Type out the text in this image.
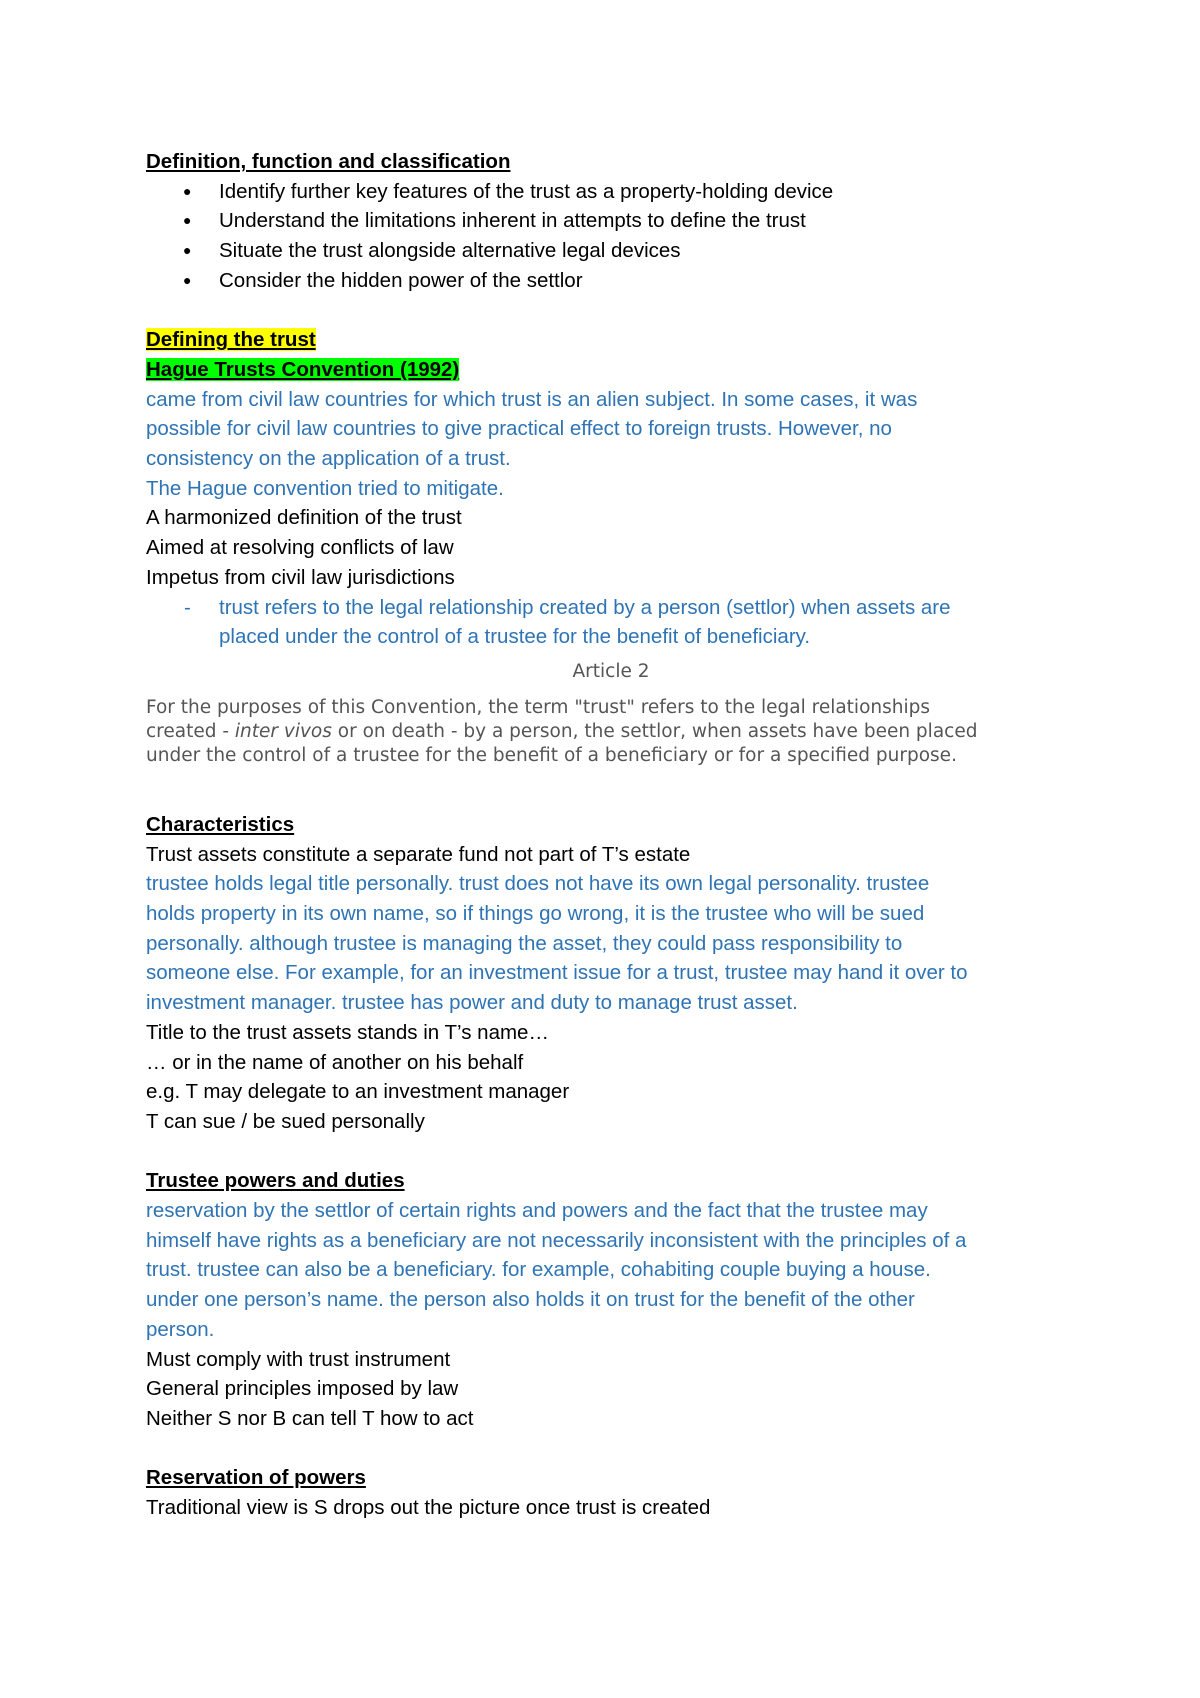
Definition, function and classification
● Identify further key features of the trust as a property-holding device
● Understand the limitations inherent in attempts to define the trust
● Situate the trust alongside alternative legal devices
● Consider the hidden power of the settlor
Defining the trust
Hague Trusts Convention (1992)
came from civil law countries for which trust is an alien subject. In some cases, it was
possible for civil law countries to give practical effect to foreign trusts. However, no
consistency on the application of a trust.
The Hague convention tried to mitigate.
A harmonized definition of the trust
Aimed at resolving conflicts of law
Impetus from civil law jurisdictions
- trust refers to the legal relationship created by a person (settlor) when assets are
placed under the control of a trustee for the benefit of beneficiary.
Article 2
For the purposes of this Convention, the term "trust" refers to the legal relationships
created - inter vivos or on death - by a person, the settlor, when assets have been placed
under the control of a trustee for the benefit of a beneficiary or for a specified purpose.
Characteristics
Trust assets constitute a separate fund not part of T’s estate
trustee holds legal title personally. trust does not have its own legal personality. trustee
holds property in its own name, so if things go wrong, it is the trustee who will be sued
personally. although trustee is managing the asset, they could pass responsibility to
someone else. For example, for an investment issue for a trust, trustee may hand it over to
investment manager. trustee has power and duty to manage trust asset.
Title to the trust assets stands in T’s name…
… or in the name of another on his behalf
e.g. T may delegate to an investment manager
T can sue / be sued personally
Trustee powers and duties
reservation by the settlor of certain rights and powers and the fact that the trustee may
himself have rights as a beneficiary are not necessarily inconsistent with the principles of a
trust. trustee can also be a beneficiary. for example, cohabiting couple buying a house.
under one person’s name. the person also holds it on trust for the benefit of the other
person.
Must comply with trust instrument
General principles imposed by law
Neither S nor B can tell T how to act
Reservation of powers
Traditional view is S drops out the picture once trust is created
